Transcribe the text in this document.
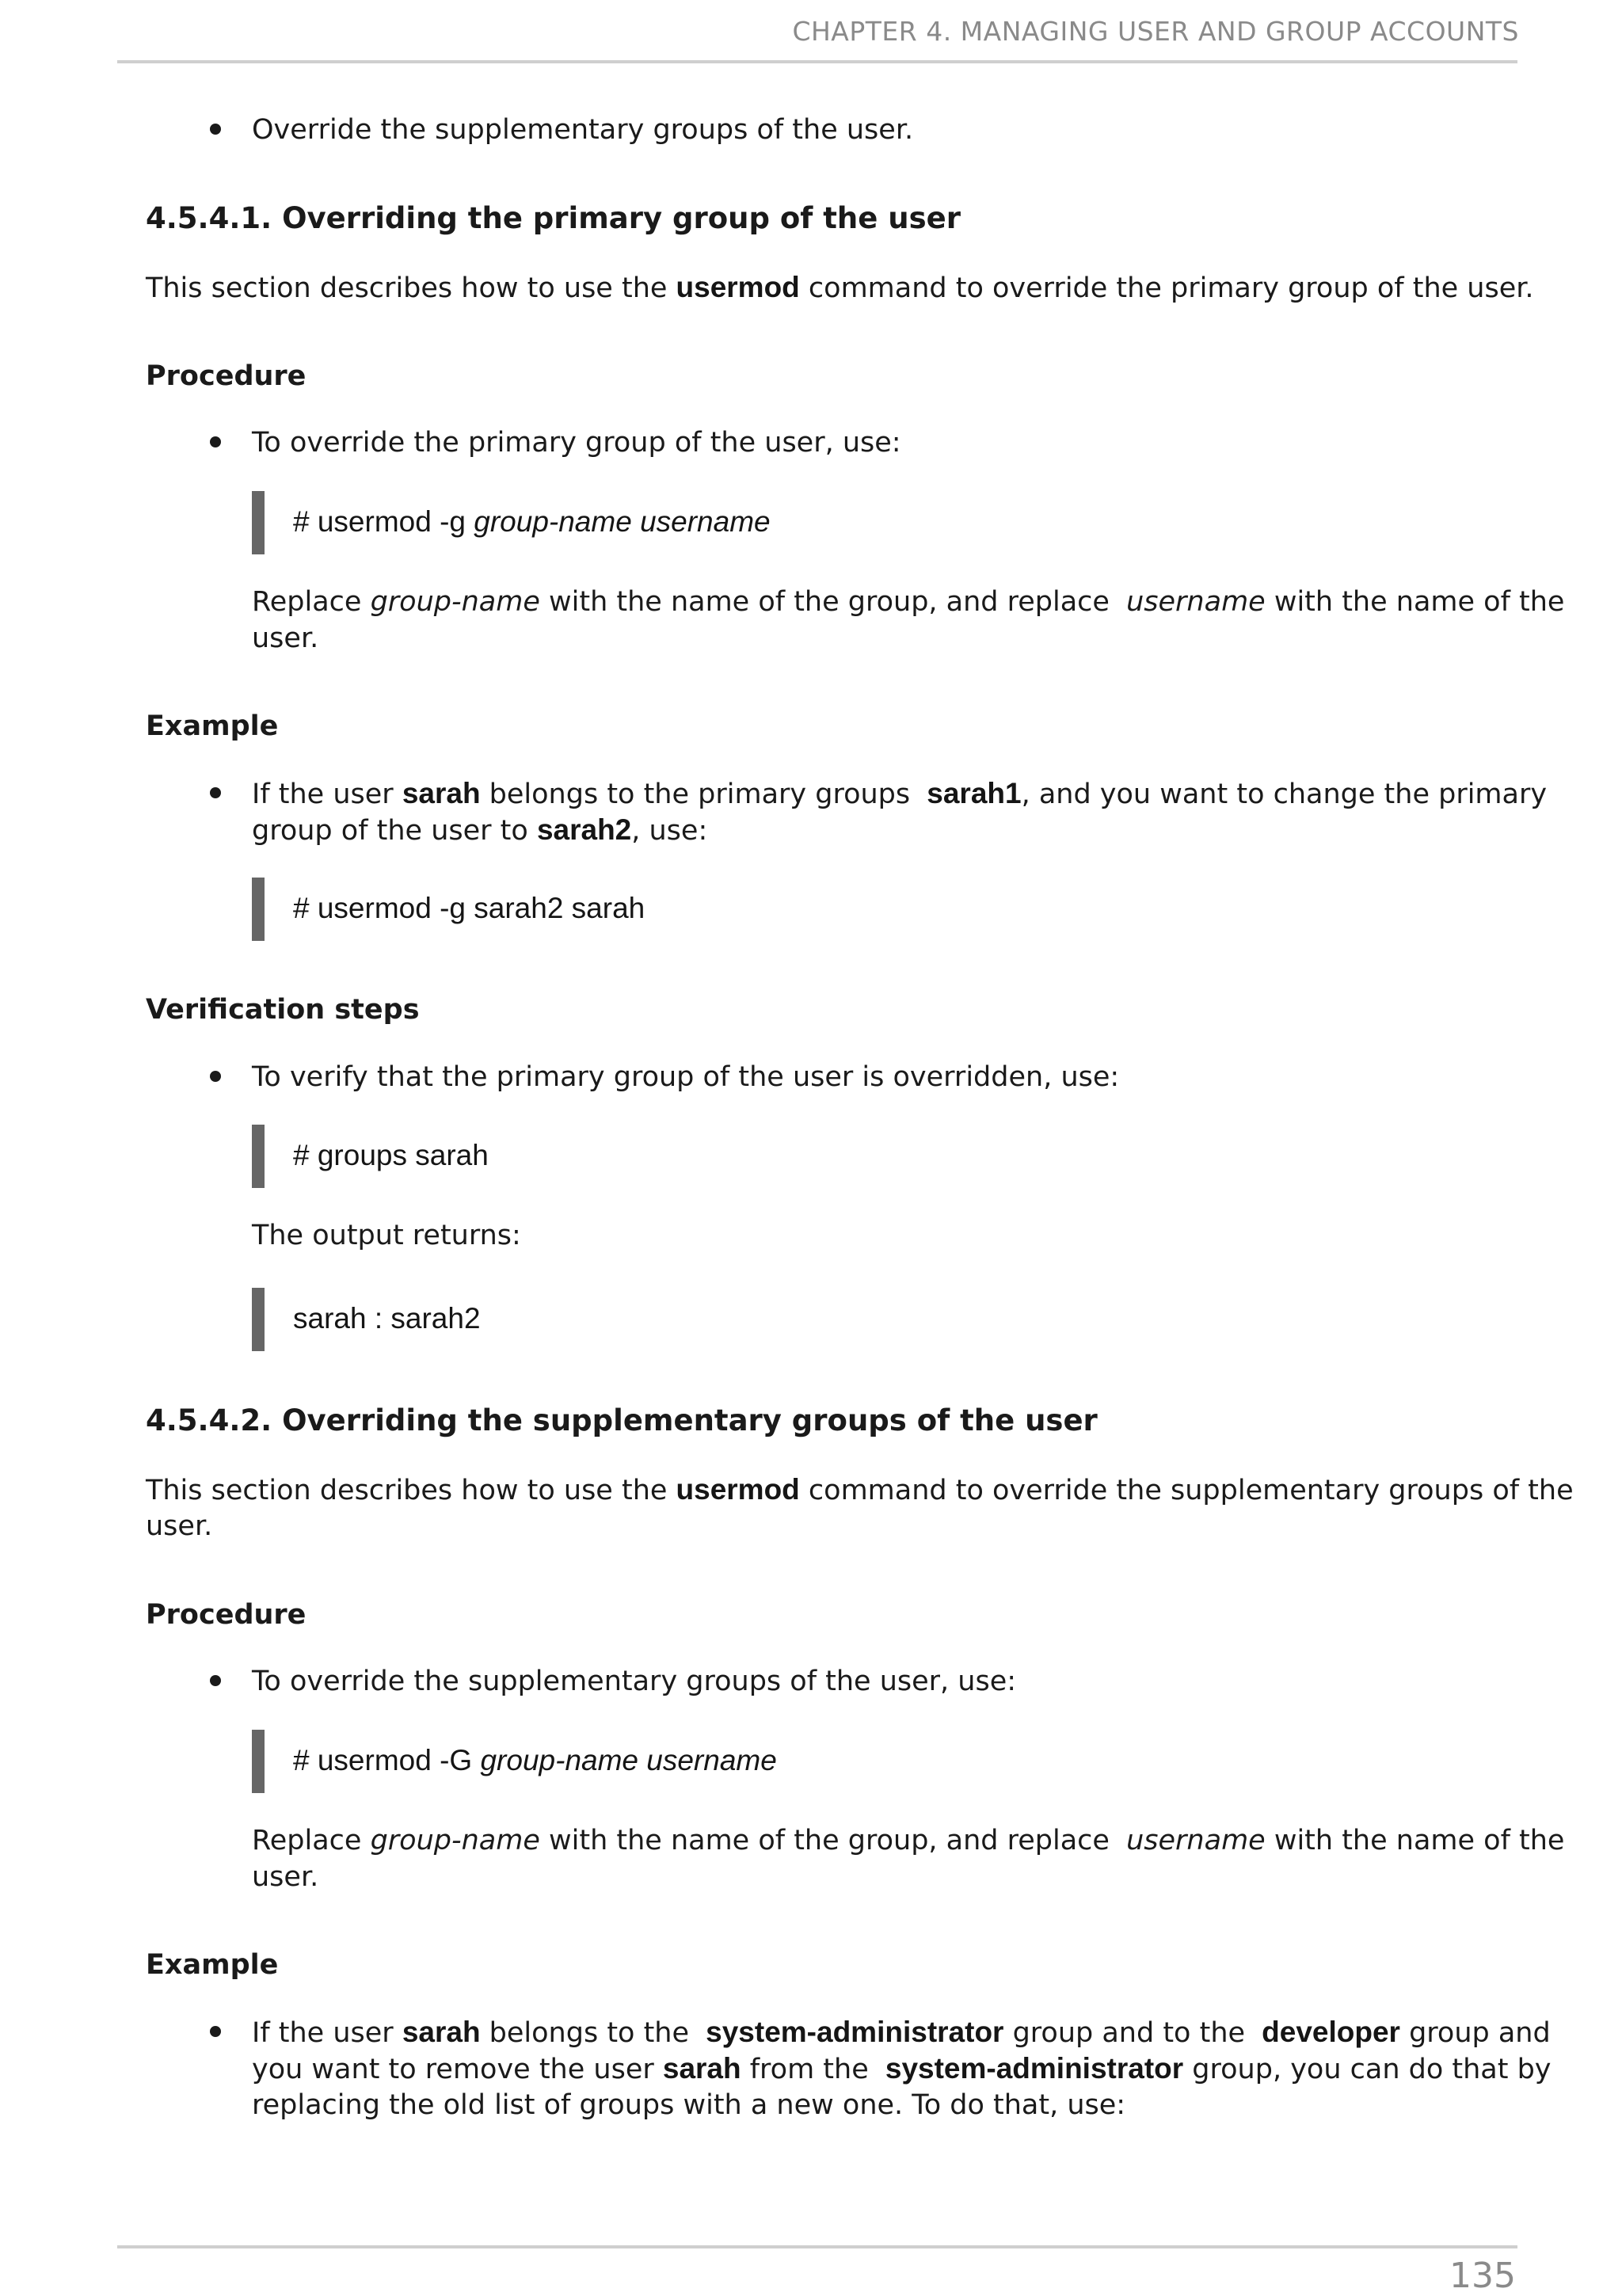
CHAPTER 4. MANAGING USER AND GROUP ACCOUNTS
Override the supplementary groups of the user.
4.5.4.1. Overriding the primary group of the user
This section describes how to use the usermod command to override the primary group of the user.
Procedure
To override the primary group of the user, use:
# usermod -g group-name username
Replace group-name with the name of the group, and replace username with the name of the
user.
Example
If the user sarah belongs to the primary groups sarah1, and you want to change the primary
group of the user to sarah2, use:
# usermod -g sarah2 sarah
Verification steps
To verify that the primary group of the user is overridden, use:
# groups sarah
The output returns:
sarah : sarah2
4.5.4.2. Overriding the supplementary groups of the user
This section describes how to use the usermod command to override the supplementary groups of the
user.
Procedure
To override the supplementary groups of the user, use:
# usermod -G group-name username
Replace group-name with the name of the group, and replace username with the name of the
user.
Example
If the user sarah belongs to the system-administrator group and to the developer group and
you want to remove the user sarah from the system-administrator group, you can do that by
replacing the old list of groups with a new one. To do that, use:
135
